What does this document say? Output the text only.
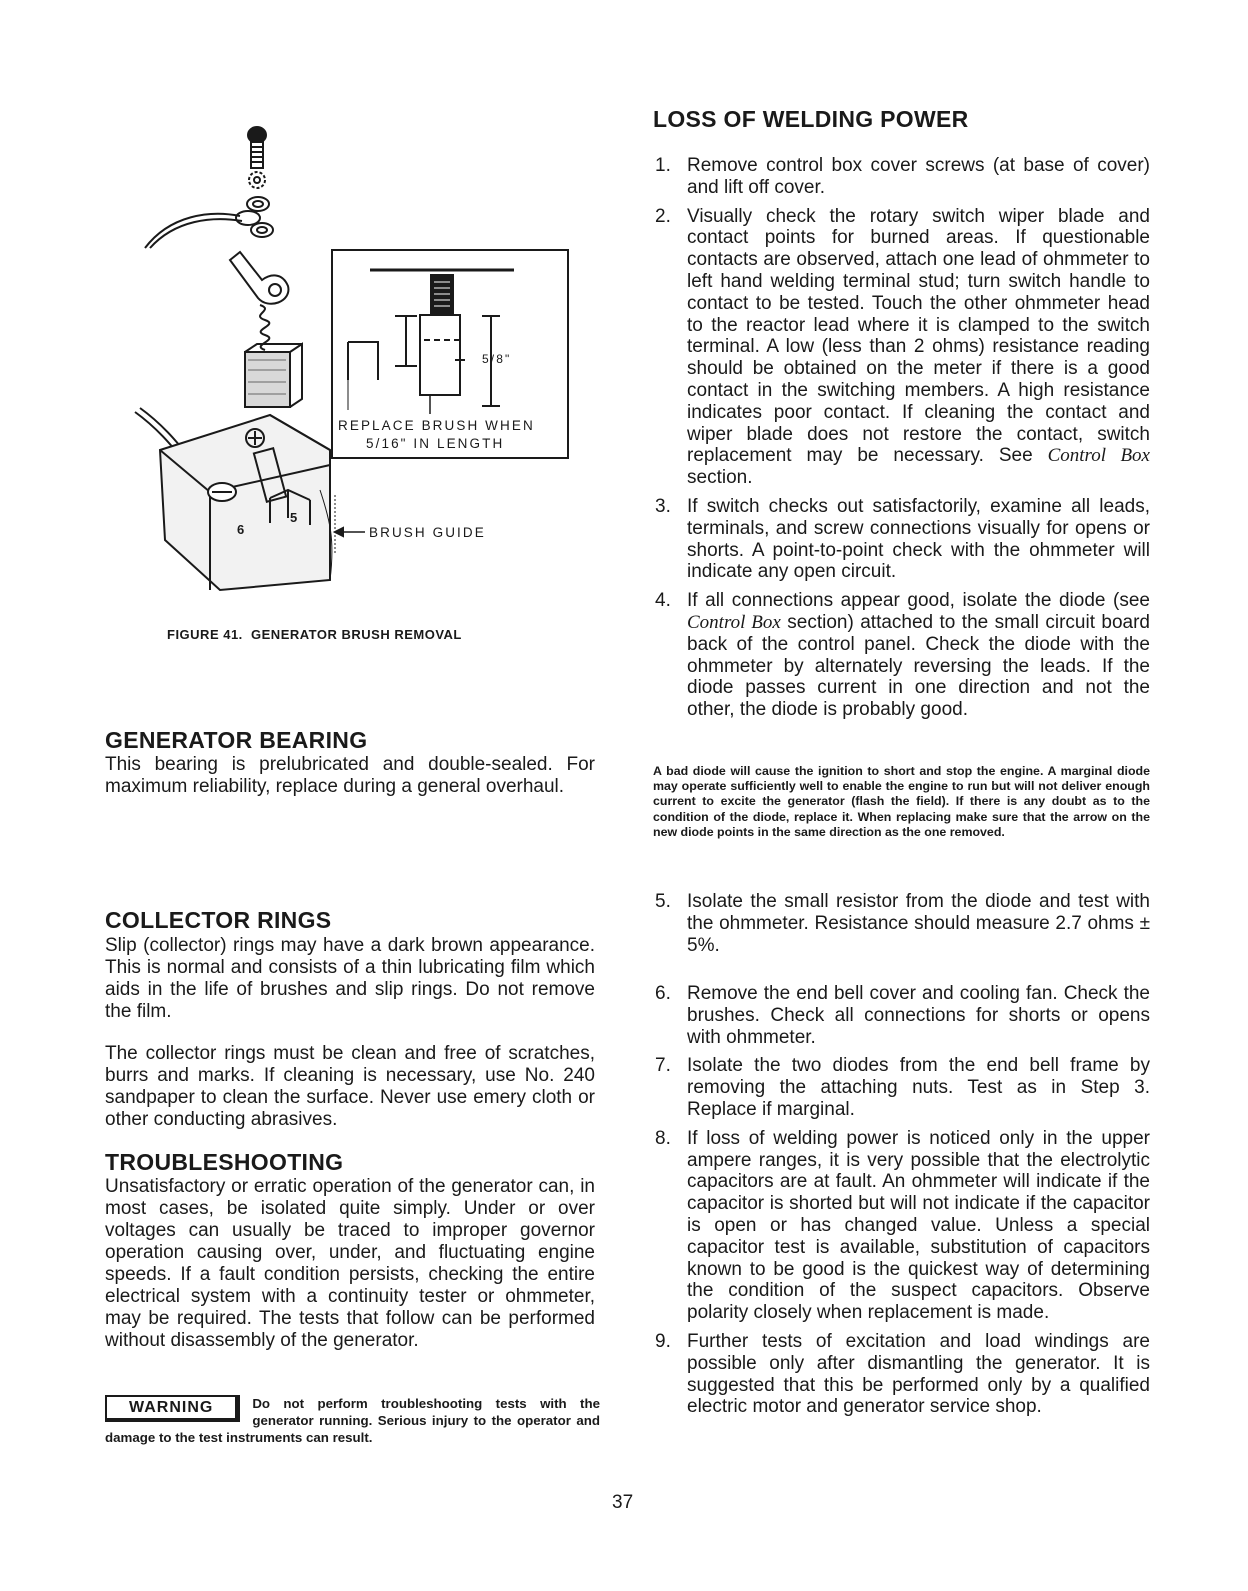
6
5
5/8"
REPLACE BRUSH WHEN
5/16" IN LENGTH
BRUSH GUIDE
FIGURE 41.  GENERATOR BRUSH REMOVAL
GENERATOR BEARING

This bearing is prelubricated and double-sealed. For maximum reliability, replace during a general overhaul.

COLLECTOR RINGS

Slip (collector) rings may have a dark brown appearance. This is normal and consists of a thin lubricating film which aids in the life of brushes and slip rings. Do not remove the film.

The collector rings must be clean and free of scratches, burrs and marks. If cleaning is necessary, use No. 240 sandpaper to clean the surface. Never use emery cloth or other conducting abrasives.

TROUBLESHOOTING

Unsatisfactory or erratic operation of the generator can, in most cases, be isolated quite simply. Under or over voltages can usually be traced to improper governor operation causing over, under, and fluctuating engine speeds. If a fault condition persists, checking the entire electrical system with a continuity tester or ohmmeter, may be required. The tests that follow can be performed without disassembly of the generator.

WARNING	Do not perform troubleshooting tests with the generator running. Serious injury to the operator and damage to the test instruments can result.

LOSS OF WELDING POWER
1. Remove control box cover screws (at base of cover) and lift off cover.
2. Visually check the rotary switch wiper blade and contact points for burned areas. If questionable contacts are observed, attach one lead of ohmmeter to left hand welding terminal stud; turn switch handle to contact to be tested. Touch the other ohmmeter head to the reactor lead where it is clamped to the switch terminal. A low (less than 2 ohms) resistance reading should be obtained on the meter if there is a good contact in the switching members. A high resistance indicates poor contact. If cleaning the contact and wiper blade does not restore the contact, switch replacement may be necessary. See Control Box section.
3. If switch checks out satisfactorily, examine all leads, terminals, and screw connections visually for opens or shorts. A point-to-point check with the ohmmeter will indicate any open circuit.
4. If all connections appear good, isolate the diode (see Control Box section) attached to the small circuit board back of the control panel. Check the diode with the ohmmeter by alternately reversing the leads. If the diode passes current in one direction and not the other, the diode is probably good.

A bad diode will cause the ignition to short and stop the engine. A marginal diode may operate sufficiently well to enable the engine to run but will not deliver enough current to excite the generator (flash the field). If there is any doubt as to the condition of the diode, replace it. When replacing make sure that the arrow on the new diode points in the same direction as the one removed.

5. Isolate the small resistor from the diode and test with the ohmmeter. Resistance should measure 2.7 ohms ± 5%.
6. Remove the end bell cover and cooling fan. Check the brushes. Check all connections for shorts or opens with ohmmeter.
7. Isolate the two diodes from the end bell frame by removing the attaching nuts. Test as in Step 3. Replace if marginal.
8. If loss of welding power is noticed only in the upper ampere ranges, it is very possible that the electrolytic capacitors are at fault. An ohmmeter will indicate if the capacitor is shorted but will not indicate if the capacitor is open or has changed value. Unless a special capacitor test is available, substitution of capacitors known to be good is the quickest way of determining the condition of the suspect capacitors. Observe polarity closely when replacement is made.
9. Further tests of excitation and load windings are possible only after dismantling the generator. It is suggested that this be performed only by a qualified electric motor and generator service shop.
37
